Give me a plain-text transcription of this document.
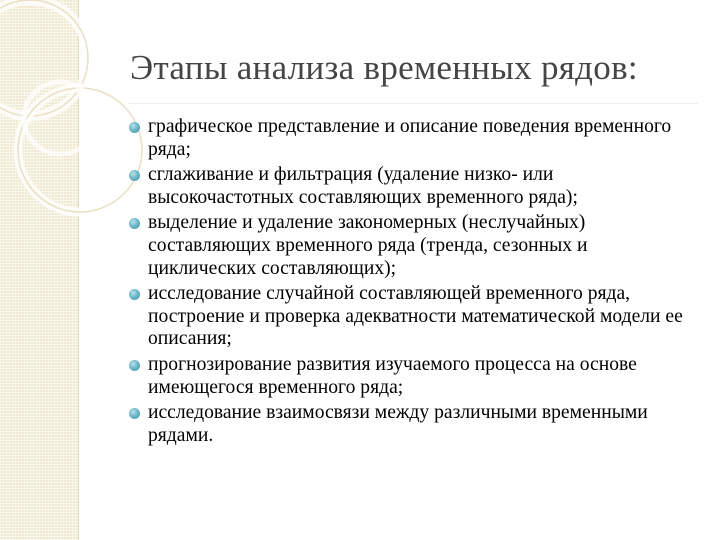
Этапы анализа временных рядов:
графическое представление и описание поведения временного ряда;
сглаживание и фильтрация (удаление низко- или высокочастотных составляющих временного ряда);
выделение и удаление закономерных (неслучайных) составляющих временного ряда (тренда, сезонных и циклических составляющих);
исследование случайной составляющей временного ряда, построение и проверка адекватности математической модели ее описания;
прогнозирование развития изучаемого процесса на основе имеющегося временного ряда;
исследование взаимосвязи между различными временными рядами.
